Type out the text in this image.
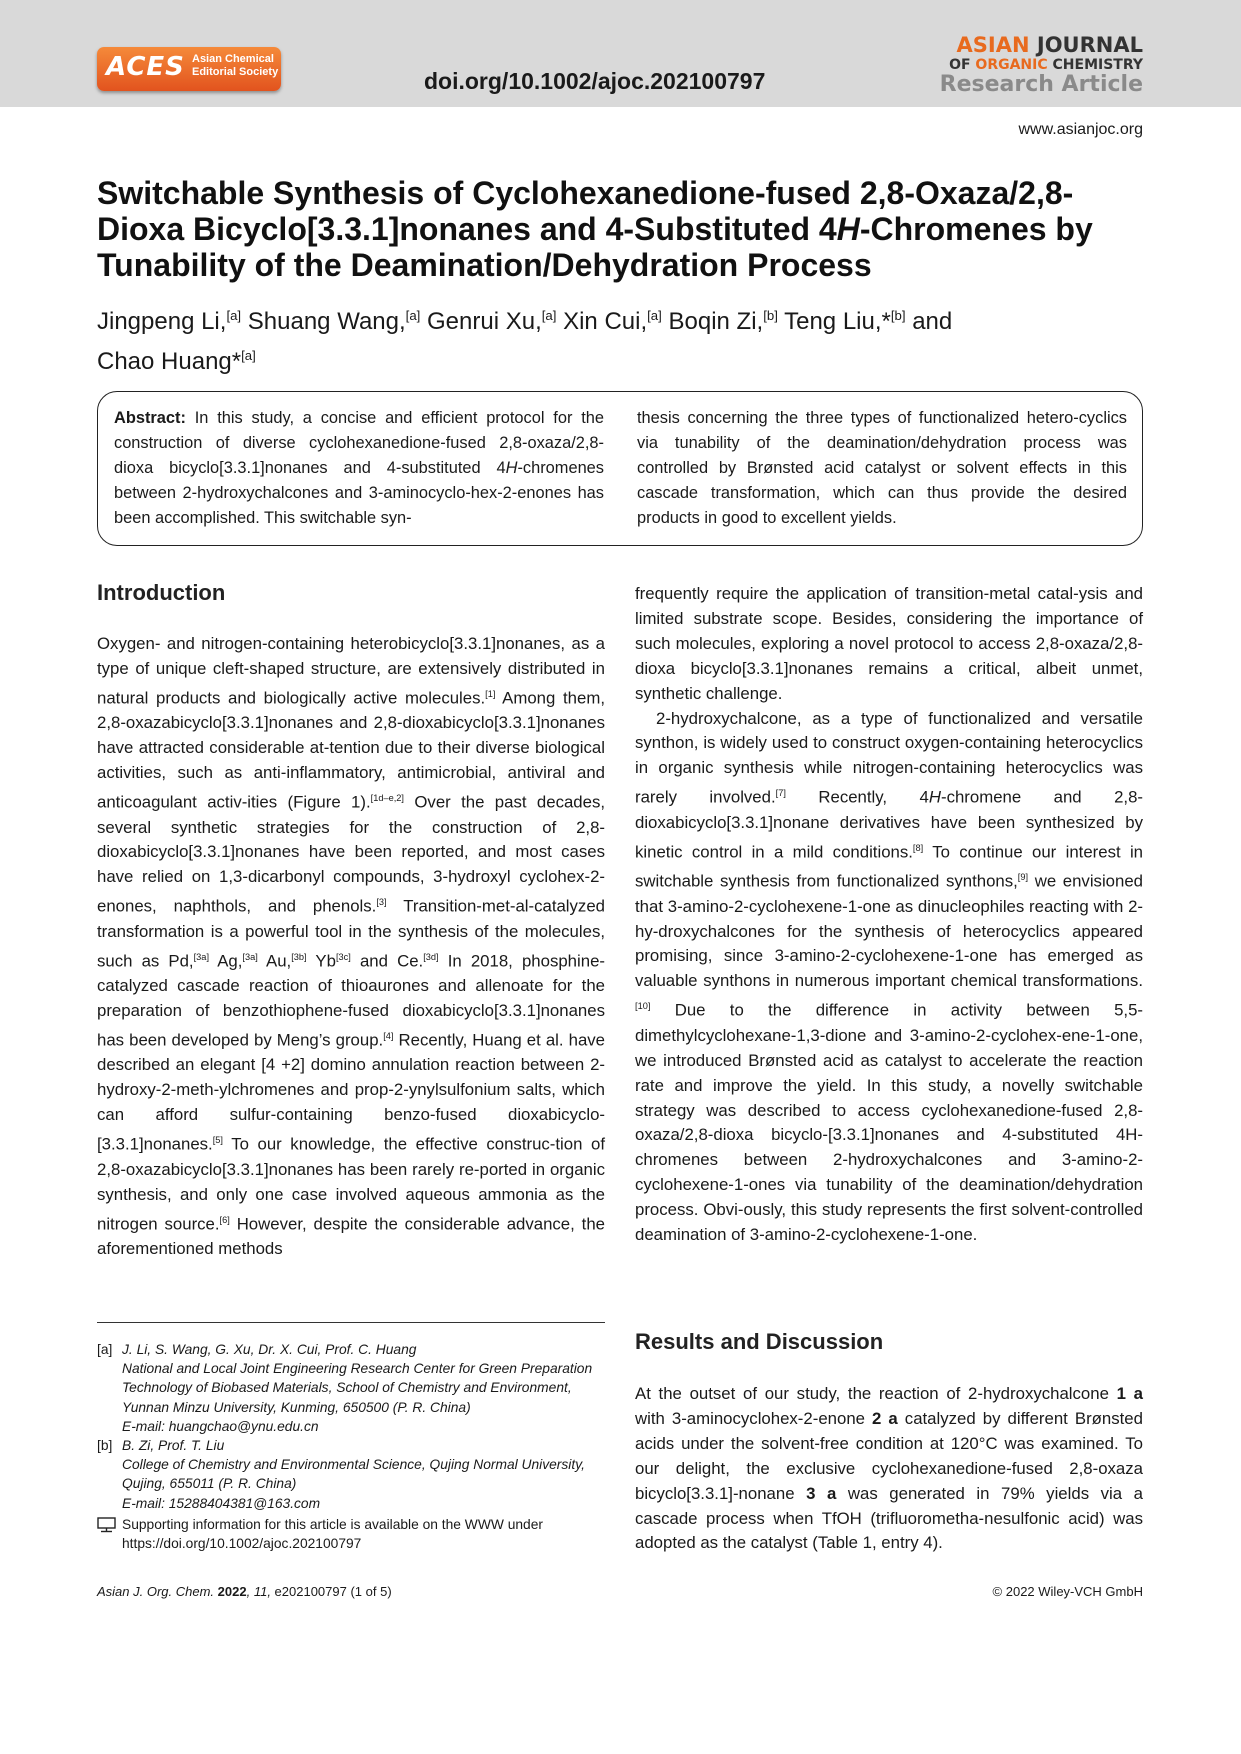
ACES Asian Chemical
Editorial Society	doi.org/10.1002/ajoc.202100797
ASIAN JOURNAL
OF ORGANIC CHEMISTRY
Research Article
www.asianjoc.org
Switchable Synthesis of Cyclohexanedione-fused 2,8-Oxaza/2,8-Dioxa Bicyclo[3.3.1]nonanes and 4-Substituted 4H-Chromenes by Tunability of the Deamination/Dehydration Process
Jingpeng Li,[a] Shuang Wang,[a] Genrui Xu,[a] Xin Cui,[a] Boqin Zi,[b] Teng Liu,*[b] and
Chao Huang*[a]
Abstract: In this study, a concise and efficient protocol for the construction of diverse cyclohexanedione-fused 2,8-oxaza/2,8-dioxa bicyclo[3.3.1]nonanes and 4-substituted 4H-chromenes between 2-hydroxychalcones and 3-aminocyclo-hex-2-enones has been accomplished. This switchable syn-
thesis concerning the three types of functionalized hetero-cyclics via tunability of the deamination/dehydration process was controlled by Brønsted acid catalyst or solvent effects in this cascade transformation, which can thus provide the desired products in good to excellent yields.
Introduction

Oxygen- and nitrogen-containing heterobicyclo[3.3.1]nonanes, as a type of unique cleft-shaped structure, are extensively distributed in natural products and biologically active molecules.[1] Among them, 2,8-oxazabicyclo[3.3.1]nonanes and 2,8-dioxabicyclo[3.3.1]nonanes have attracted considerable at-tention due to their diverse biological activities, such as anti-inflammatory, antimicrobial, antiviral and anticoagulant activ-ities (Figure 1).[1d–e,2] Over the past decades, several synthetic strategies for the construction of 2,8-dioxabicyclo[3.3.1]nonanes have been reported, and most cases have relied on 1,3-dicarbonyl compounds, 3-hydroxyl cyclohex-2-enones, naphthols, and phenols.[3] Transition-met-al-catalyzed transformation is a powerful tool in the synthesis of the molecules, such as Pd,[3a] Ag,[3a] Au,[3b] Yb[3c] and Ce.[3d] In 2018, phosphine-catalyzed cascade reaction of thioaurones and allenoate for the preparation of benzothiophene-fused dioxabicyclo[3.3.1]nonanes has been developed by Meng’s group.[4] Recently, Huang et al. have described an elegant [4 +2] domino annulation reaction between 2-hydroxy-2-meth-ylchromenes and prop-2-ynylsulfonium salts, which can afford sulfur-containing benzo-fused dioxabicyclo-[3.3.1]nonanes.[5] To our knowledge, the effective construc-tion of 2,8-oxazabicyclo[3.3.1]nonanes has been rarely re-ported in organic synthesis, and only one case involved aqueous ammonia as the nitrogen source.[6] However, despite the considerable advance, the aforementioned methods

frequently require the application of transition-metal catal-ysis and limited substrate scope. Besides, considering the importance of such molecules, exploring a novel protocol to access 2,8-oxaza/2,8-dioxa bicyclo[3.3.1]nonanes remains a critical, albeit unmet, synthetic challenge.

2-hydroxychalcone, as a type of functionalized and versatile synthon, is widely used to construct oxygen-containing heterocyclics in organic synthesis while nitrogen-containing heterocyclics was rarely involved.[7] Recently, 4H-chromene and 2,8-dioxabicyclo[3.3.1]nonane derivatives have been synthesized by kinetic control in a mild conditions.[8] To continue our interest in switchable synthesis from functionalized synthons,[9] we envisioned that 3-amino-2-cyclohexene-1-one as dinucleophiles reacting with 2-hy-droxychalcones for the synthesis of heterocyclics appeared promising, since 3-amino-2-cyclohexene-1-one has emerged as valuable synthons in numerous important chemical transformations.[10] Due to the difference in activity between 5,5-dimethylcyclohexane-1,3-dione and 3-amino-2-cyclohex-ene-1-one, we introduced Brønsted acid as catalyst to accelerate the reaction rate and improve the yield. In this study, a novelly switchable strategy was described to access cyclohexanedione-fused 2,8-oxaza/2,8-dioxa bicyclo-[3.3.1]nonanes and 4-substituted 4H-chromenes between 2-hydroxychalcones and 3-amino-2-cyclohexene-1-ones via tunability of the deamination/dehydration process. Obvi-ously, this study represents the first solvent-controlled deamination of 3-amino-2-cyclohexene-1-one.

Results and Discussion

At the outset of our study, the reaction of 2-hydroxychalcone 1 a with 3-aminocyclohex-2-enone 2 a catalyzed by different Brønsted acids under the solvent-free condition at 120°C was examined. To our delight, the exclusive cyclohexanedione-fused 2,8-oxaza bicyclo[3.3.1]-nonane 3 a was generated in 79% yields via a cascade process when TfOH (trifluorometha-nesulfonic acid) was adopted as the catalyst (Table 1, entry 4).

[a] J. Li, S. Wang, G. Xu, Dr. X. Cui, Prof. C. Huang
National and Local Joint Engineering Research Center for Green Preparation Technology of Biobased Materials, School of Chemistry and Environment, Yunnan Minzu University, Kunming, 650500 (P. R. China)
E-mail: huangchao@ynu.edu.cn
[b] B. Zi, Prof. T. Liu
College of Chemistry and Environmental Science, Qujing Normal University, Qujing, 655011 (P. R. China)
E-mail: 15288404381@163.com
Supporting information for this article is available on the WWW under https://doi.org/10.1002/ajoc.202100797
Asian J. Org. Chem. 2022, 11, e202100797 (1 of 5)	© 2022 Wiley-VCH GmbH
